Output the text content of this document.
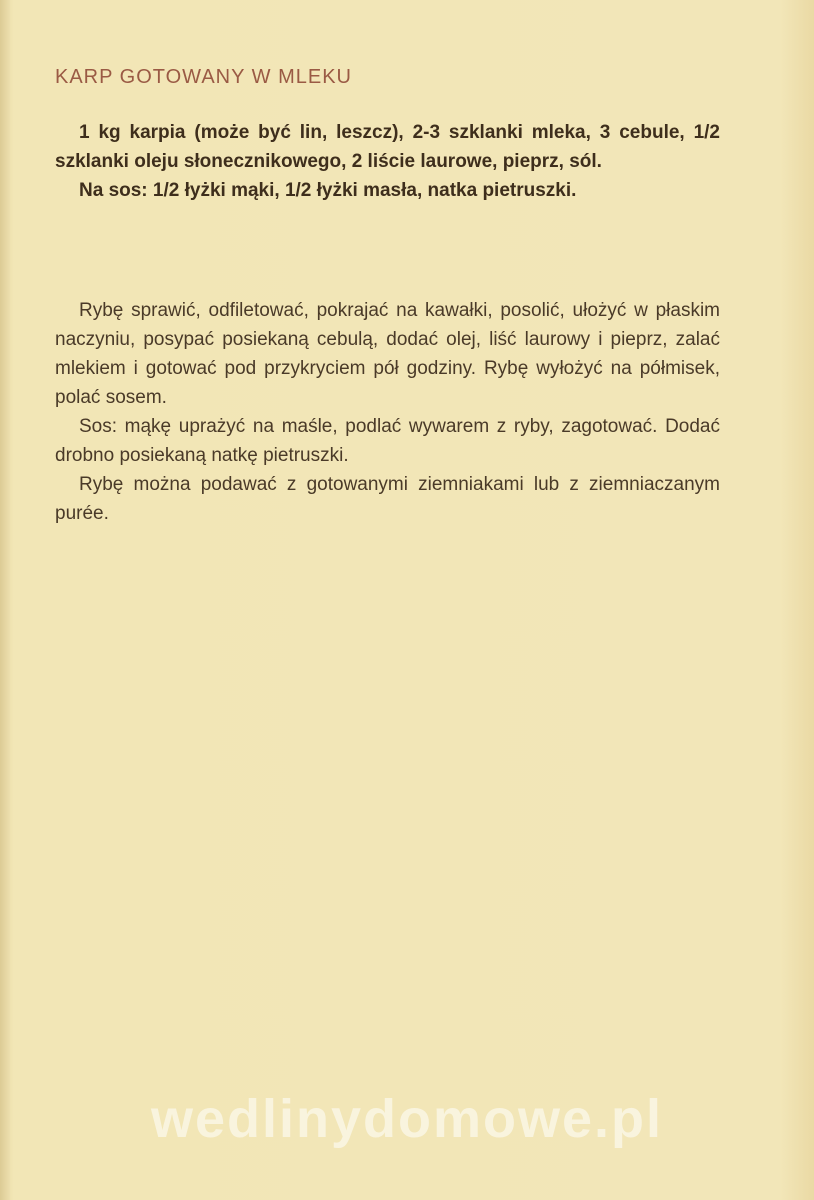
KARP GOTOWANY W MLEKU

1 kg karpia (może być lin, leszcz), 2-3 szklanki mleka, 3 cebule, 1/2 szklanki oleju słonecznikowego, 2 liście laurowe, pieprz, sól.

Na sos: 1/2 łyżki mąki, 1/2 łyżki masła, natka pietruszki.

Rybę sprawić, odfiletować, pokrajać na kawałki, posolić, ułożyć w płaskim naczyniu, posypać posiekaną cebulą, dodać olej, liść laurowy i pieprz, zalać mlekiem i gotować pod przykryciem pół godziny. Rybę wyłożyć na półmisek, polać sosem.

Sos: mąkę uprażyć na maśle, podlać wywarem z ryby, zagotować. Dodać drobno posiekaną natkę pietruszki.

Rybę można podawać z gotowanymi ziemniakami lub z ziemniaczanym purée.

wedlinydomowe.pl
